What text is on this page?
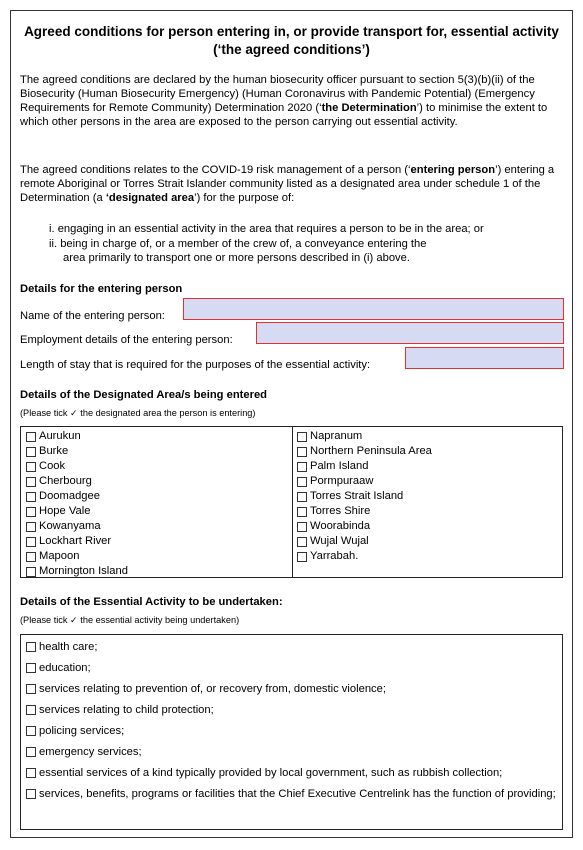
Agreed conditions for person entering in, or provide transport for, essential activity
(‘the agreed conditions’)
The agreed conditions are declared by the human biosecurity officer pursuant to section 5(3)(b)(ii) of the Biosecurity (Human Biosecurity Emergency) (Human Coronavirus with Pandemic Potential) (Emergency Requirements for Remote Community) Determination 2020 (‘the Determination’) to minimise the extent to which other persons in the area are exposed to the person carrying out essential activity.
The agreed conditions relates to the COVID-19 risk management of a person (‘entering person’) entering a remote Aboriginal or Torres Strait Islander community listed as a designated area under schedule 1 of the Determination (a ‘designated area’) for the purpose of:
i. engaging in an essential activity in the area that requires a person to be in the area; or
ii. being in charge of, or a member of the crew of, a conveyance entering the
area primarily to transport one or more persons described in (i) above.
Details for the entering person
Name of the entering person:
Employment details of the entering person:
Length of stay that is required for the purposes of the essential activity:
Details of the Designated Area/s being entered
(Please tick ✓ the designated area the person is entering)
Aurukun
Burke
Cook
Cherbourg
Doomadgee
Hope Vale
Kowanyama
Lockhart River
Mapoon
Mornington Island
Napranum
Northern Peninsula Area
Palm Island
Pormpuraaw
Torres Strait Island
Torres Shire
Woorabinda
Wujal Wujal
Yarrabah.
Details of the Essential Activity to be undertaken:
(Please tick ✓ the essential activity being undertaken)
health care;
education;
services relating to prevention of, or recovery from, domestic violence;
services relating to child protection;
policing services;
emergency services;
essential services of a kind typically provided by local government, such as rubbish collection;
services, benefits, programs or facilities that the Chief Executive Centrelink has the function of providing;
